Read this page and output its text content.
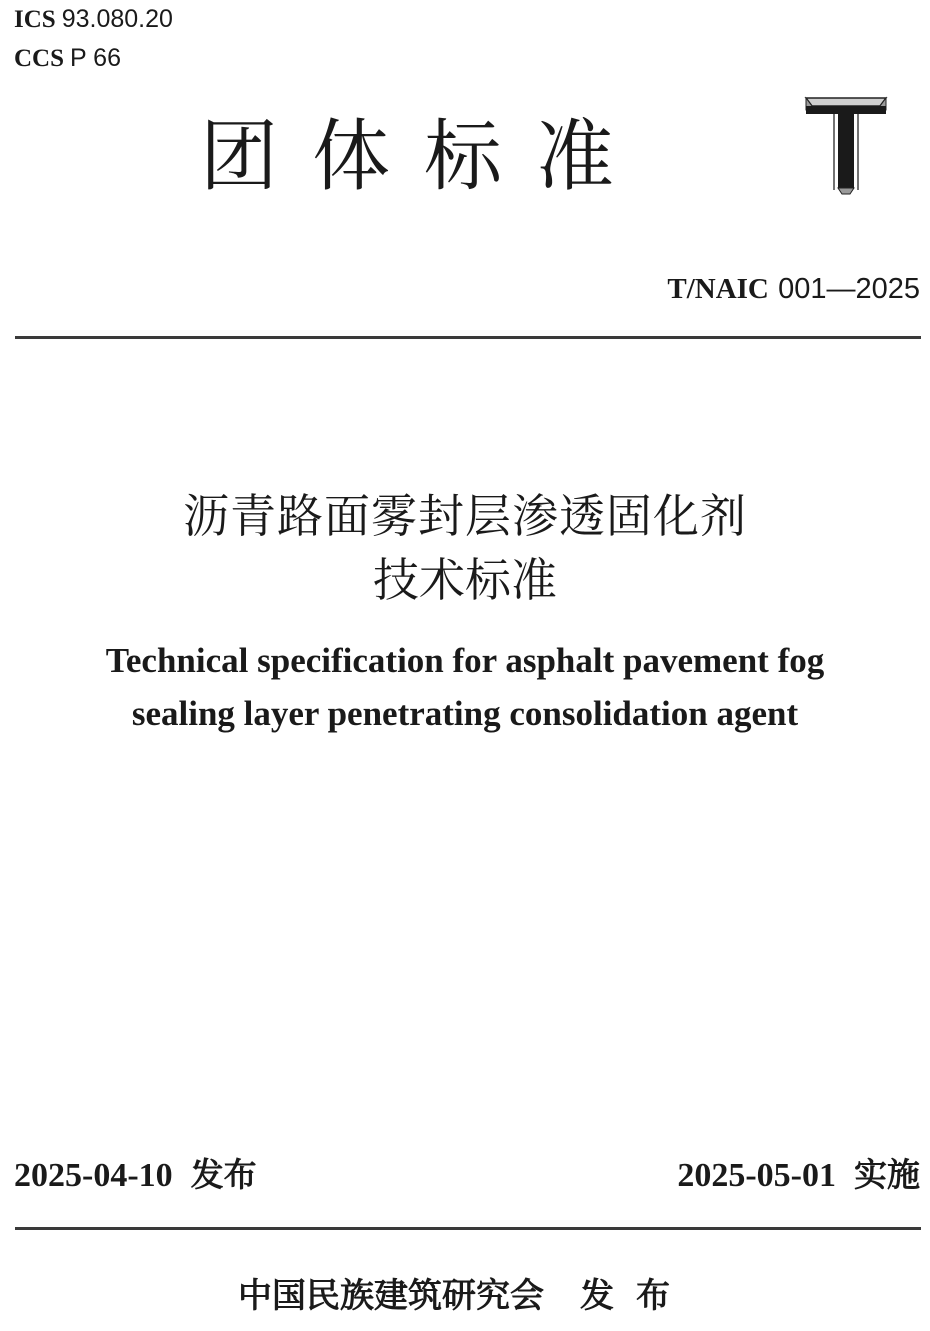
ICS 93.080.20
CCS P 66
团体标准
T/NAIC 001—2025
沥青路面雾封层渗透固化剂
技术标准
Technical specification for asphalt pavement fog
sealing layer penetrating consolidation agent
2025-04-10 发布	2025-05-01 实施
中国民族建筑研究会 发布
